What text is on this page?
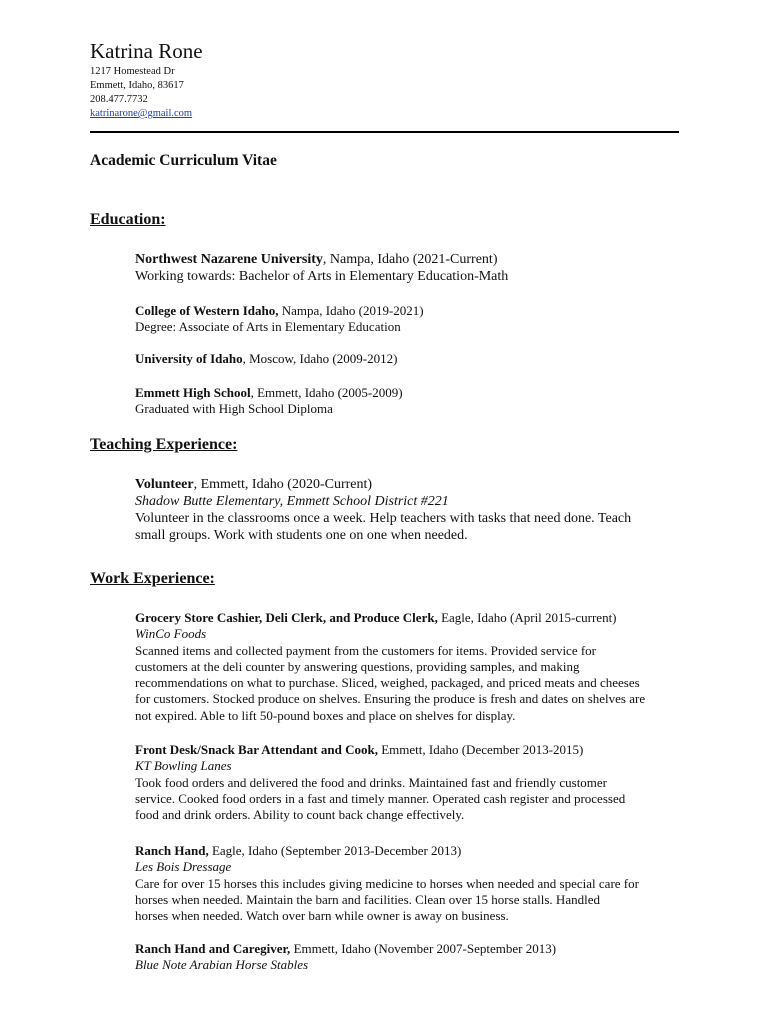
Katrina Rone
1217 Homestead Dr
Emmett, Idaho, 83617
208.477.7732
katrinarone@gmail.com
Academic Curriculum Vitae
Education:
Northwest Nazarene University, Nampa, Idaho (2021-Current)
Working towards: Bachelor of Arts in Elementary Education-Math
College of Western Idaho, Nampa, Idaho (2019-2021)
Degree: Associate of Arts in Elementary Education
University of Idaho, Moscow, Idaho (2009-2012)
Emmett High School, Emmett, Idaho (2005-2009)
Graduated with High School Diploma
Teaching Experience:
Volunteer, Emmett, Idaho (2020-Current)
Shadow Butte Elementary, Emmett School District #221
Volunteer in the classrooms once a week. Help teachers with tasks that need done. Teach
small groups. Work with students one on one when needed.
Work Experience:
Grocery Store Cashier, Deli Clerk, and Produce Clerk, Eagle, Idaho (April 2015-current)
WinCo Foods
Scanned items and collected payment from the customers for items. Provided service for
customers at the deli counter by answering questions, providing samples, and making
recommendations on what to purchase. Sliced, weighed, packaged, and priced meats and cheeses
for customers. Stocked produce on shelves. Ensuring the produce is fresh and dates on shelves are
not expired. Able to lift 50-pound boxes and place on shelves for display.
Front Desk/Snack Bar Attendant and Cook, Emmett, Idaho (December 2013-2015)
KT Bowling Lanes
Took food orders and delivered the food and drinks. Maintained fast and friendly customer
service. Cooked food orders in a fast and timely manner. Operated cash register and processed
food and drink orders. Ability to count back change effectively.
Ranch Hand, Eagle, Idaho (September 2013-December 2013)
Les Bois Dressage
Care for over 15 horses this includes giving medicine to horses when needed and special care for
horses when needed. Maintain the barn and facilities. Clean over 15 horse stalls. Handled
horses when needed. Watch over barn while owner is away on business.
Ranch Hand and Caregiver, Emmett, Idaho (November 2007-September 2013)
Blue Note Arabian Horse Stables
